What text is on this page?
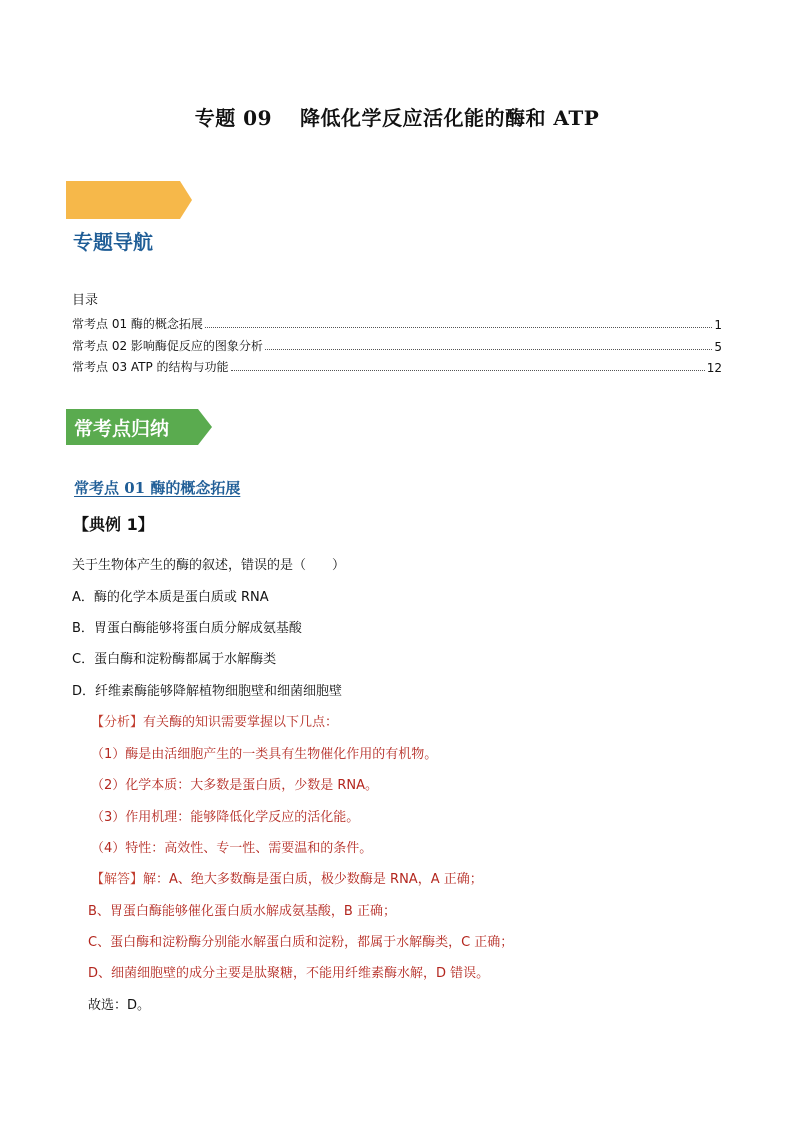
专题 09　 降低化学反应活化能的酶和 ATP
专题导航
目录
常考点 01 酶的概念拓展	1
常考点 02 影响酶促反应的图象分析	5
常考点 03 ATP 的结构与功能	12
常考点归纳
常考点 01 酶的概念拓展
【典例 1】
关于生物体产生的酶的叙述，错误的是（　　）
A．酶的化学本质是蛋白质或 RNA
B．胃蛋白酶能够将蛋白质分解成氨基酸
C．蛋白酶和淀粉酶都属于水解酶类
D．纤维素酶能够降解植物细胞壁和细菌细胞壁
【分析】有关酶的知识需要掌握以下几点：
（1）酶是由活细胞产生的一类具有生物催化作用的有机物。
（2）化学本质：大多数是蛋白质，少数是 RNA。
（3）作用机理：能够降低化学反应的活化能。
（4）特性：高效性、专一性、需要温和的条件。
【解答】解：A、绝大多数酶是蛋白质，极少数酶是 RNA，A 正确；
B、胃蛋白酶能够催化蛋白质水解成氨基酸，B 正确；
C、蛋白酶和淀粉酶分别能水解蛋白质和淀粉，都属于水解酶类，C 正确；
D、细菌细胞壁的成分主要是肽聚糖，不能用纤维素酶水解，D 错误。
故选：D。
